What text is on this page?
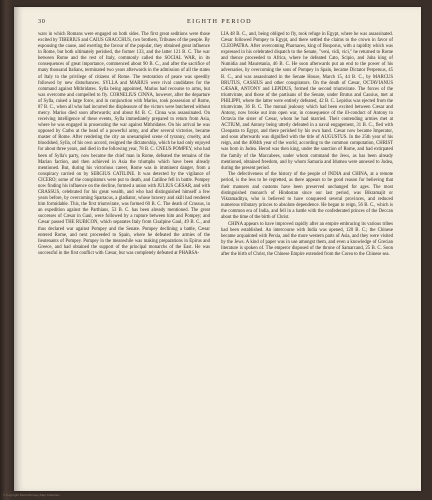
30	EIGHTH PERIOD

wars in which Romans were engaged on both sides. The first great seditions were those excited by TIBERIUS and CAIUS GRACCHUS, two brothers, Tribunes of the people. By espousing the cause, and exerting the favour of the popular, they obtained great influence in Rome, but both ultimately perished, the former 133, and the latter 121 B. C. The war between Rome and the rest of Italy, commonly called the SOCIAL WAR, in its consequences of great importance, commenced about 90 B. C., and after the sacrifice of many thousand Italians, terminated two years afterwards in the admission of all the states of Italy to the privilege of citizens of Rome. The restoration of peace was speedily followed by new disturbances. SYLLA and MARIUS were rival candidates for the command against Mithridates. Sylla being appointed, Marius had recourse to arms, but was overcome and compelled to fly. CORNELIUS CINNA, however, after the departure of Sylla, raised a large force, and in conjunction with Marius, took possession of Rome, 87 B. C., when all who had incurred the displeasure of the victors were butchered without mercy. Marius died soon afterwards; and about 84 B. C. Cinna was assassinated. On receiving intelligence of these events, Sylla immediately prepared to return from Asia, where he was engaged in prosecuting the war against Mithridates. On his arrival he was opposed by Carbo at the head of a powerful army, and after several victories, became master of Rome. After rendering the city an unexampled scene of tyranny, cruelty, and bloodshed, Sylla, of his own accord, resigned the dictatorship, which he had only enjoyed for about three years, and died in the following year, 78 B. C. CNEUS POMPEY, who had been of Sylla's party, now became the chief man in Rome, defeated the remains of the Marian faction, and then achieved in Asia the triumphs which have been already mentioned. But, during his victorious career, Rome was in imminent danger, from a conspiracy carried on by SERGIUS CATILINE. It was detected by the vigilance of CICERO; some of the conspirators were put to death, and Catiline fell in battle. Pompey now finding his influence on the decline, formed a union with JULIUS CÆSAR, and with CRASSUS, celebrated for his great wealth, and who had distinguished himself a few years before, by overcoming Spartacus, a gladiator, whose bravery and skill had rendered him formidable. This, the first triumvirate, was formed 60 B. C. The death of Crassus, in an expedition against the Parthians, 53 B. C. has been already mentioned. The great successes of Cæsar in Gaul, were followed by a rupture between him and Pompey; and Cæsar passed THE RUBICON, which separates Italy from Cisalpine Gaul, 49 B. C., and thus declared war against Pompey and the Senate. Pompey declining a battle, Cæsar entered Rome, and next proceeded to Spain, where he defeated the armies of the lieutenants of Pompey. Pompey in the meanwhile was making preparations in Epirus and Greece, and had obtained the support of the principal monarchs of the East. He was successful in the first conflict with Cæsar, but was completely defeated at PHARSA-

LIA 48 B. C., and, being obliged to fly, took refuge in Egypt, where he was assassinated. Cæsar followed Pompey to Egypt, and there settled the claims to the crown in favor of CLEOPATRA. After overcoming Pharnaces, king of Bosporus, with a rapidity which was expressed in his celebrated dispatch to the Senate, "veni, vidi, vici," he returned to Rome and thence proceeded to Africa, where he defeated Cato, Scipio, and Juba king of Numidia and Mauretania, 46 B. C. He soon afterwards put an end to the power of his adversaries, by overcoming the sons of Pompey in Spain, became Dictator Perpetuus, 45 B. C., and was assassinated in the Senate House, March 15, 44 B. C., by MARCUS BRUTUS, CASSIUS and other conspirators. On the death of Cæsar, OCTAVIANUS CÆSAR, ANTONY and LEPIDUS, formed the second triumvirate. The forces of the triumvirate, and those of the partisans of the Senate, under Brutus and Cassius, met at PHILIPPI, where the latter were entirely defeated, 42 B. C. Lepidus was ejected from the triumvirate, 36 B. C. The mutual jealousy which had been excited between Cæsar and Antony, now broke out into open war, in consequence of the ill-conduct of Antony to Octavia the sister of Cæsar, whom he had married. Their contending armies met at ACTIUM, and Antony being utterly defeated in a naval engagement, 31 B. C., fled with Cleopatra to Egypt, and there perished by his own hand. Cæsar now became Imperator, and soon afterwards was dignified with the title of AUGUSTUS. In the 25th year of his reign, and the 4004th year of the world, according to the common computation, CHRIST was born in Judea. Herod was then king, under the sanction of Rome, and had extirpated the family of the Maccabees, under whom command the Jews, as has been already mentioned, obtained freedom, and by whom Samaria and Idumea were annexed to Judea, during the present period.

The defectiveness of the history of the people of INDIA and CHINA, at a remote period, is the less to be regretted, as there appears to be good reason for believing that their manners and customs have been preserved unchanged for ages. The most distinguished monarch of Hindostan since our last period, was Bikramajit or Vikramaditya, who is believed to have conquered several provinces, and reduced numerous tributary princes to absolute dependence. He began to reign, 56 B. C., which is the common era of India, and fell in a battle with the confederated princes of the Deccan about the time of the birth of Christ.

CHINA appears to have improved rapidly after an empire embracing its various tribes had been established. An intercourse with India was opened, 120 B. C.; the Chinese became acquainted with Persia, and the more western parts of Asia, and they were visited by the Jews. A kind of paper was in use amongst them, and even a knowledge of Grecian literature is spoken of. The emperor disposed of the throne of Samarcand, 25 B. C. Soon after the birth of Christ, the Chinese Empire extended from the Corea to the Chinese sea.

© Copyright David Rumsey Map Collection
